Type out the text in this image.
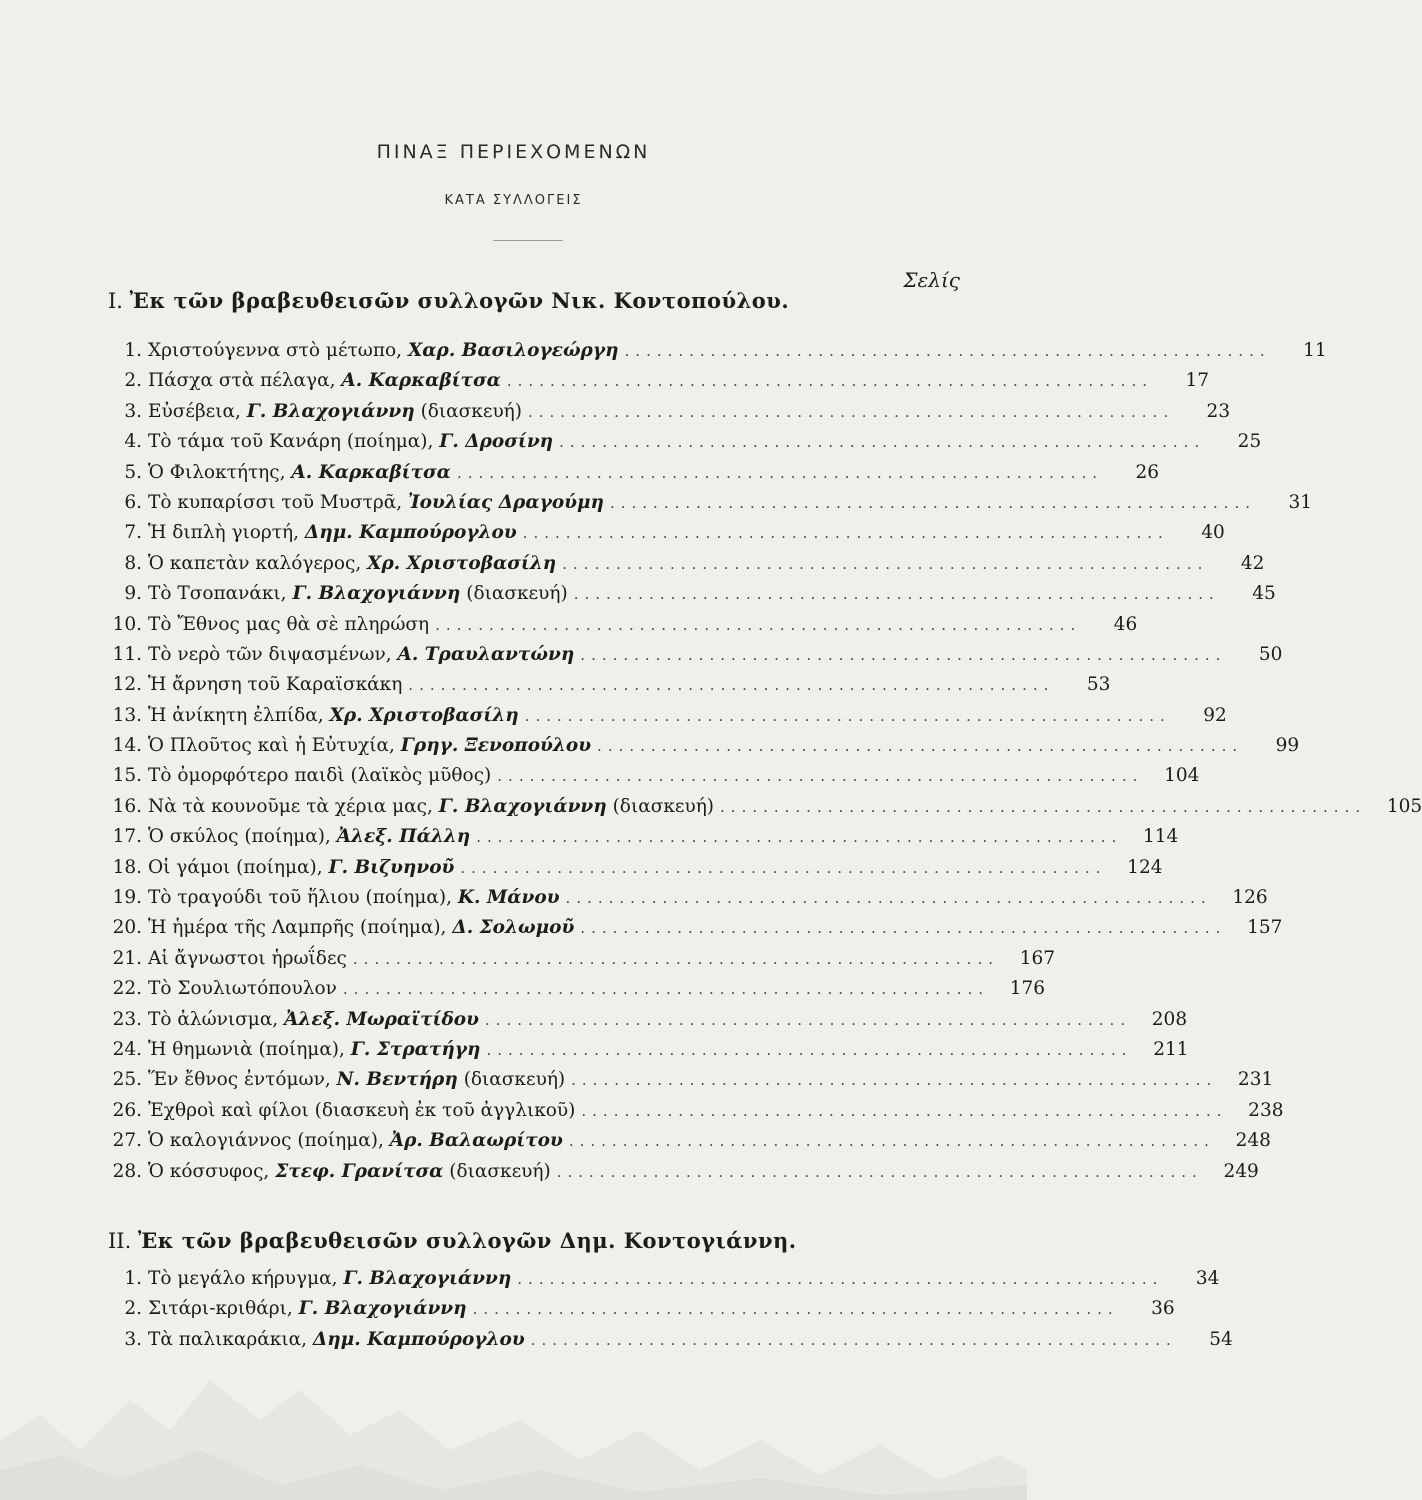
ΠΙΝΑΞ ΠΕΡΙΕΧΟΜΕΝΩΝ
ΚΑΤΑ ΣΥΛΛΟΓΕΙΣ
Σελίς
I. Ἐκ τῶν βραβευθεισῶν συλλογῶν Νικ. Κοντοπούλου.
1. Χριστούγεννα στὸ μέτωπο, Χαρ. Βασιλογεώργη ............................................................	11
2. Πάσχα στὰ πέλαγα, Α. Καρκαβίτσα ............................................................	17
3. Εὐσέβεια, Γ. Βλαχογιάννη (διασκευή) ............................................................	23
4. Τὸ τάμα τοῦ Κανάρη (ποίημα), Γ. Δροσίνη ............................................................	25
5. Ὁ Φιλοκτήτης, Α. Καρκαβίτσα ............................................................	26
6. Τὸ κυπαρίσσι τοῦ Μυστρᾶ, Ἰουλίας Δραγούμη ............................................................	31
7. Ἡ διπλὴ γιορτή, Δημ. Καμπούρογλου ............................................................	40
8. Ὁ καπετὰν καλόγερος, Χρ. Χριστοβασίλη ............................................................	42
9. Τὸ Τσοπανάκι, Γ. Βλαχογιάννη (διασκευή) ............................................................	45
10. Τὸ Ἔθνος μας θὰ σὲ πληρώση ............................................................	46
11. Τὸ νερὸ τῶν διψασμένων, Α. Τραυλαντώνη ............................................................	50
12. Ἡ ἄρνηση τοῦ Καραϊσκάκη ............................................................	53
13. Ἡ ἀνίκητη ἐλπίδα, Χρ. Χριστοβασίλη ............................................................	92
14. Ὁ Πλοῦτος καὶ ἡ Εὐτυχία, Γρηγ. Ξενοπούλου ............................................................	99
15. Τὸ ὀμορφότερο παιδὶ (λαϊκὸς μῦθος) ............................................................	104
16. Νὰ τὰ κουνοῦμε τὰ χέρια μας, Γ. Βλαχογιάννη (διασκευή) ............................................................	105
17. Ὁ σκύλος (ποίημα), Ἀλεξ. Πάλλη ............................................................	114
18. Οἱ γάμοι (ποίημα), Γ. Βιζυηνοῦ ............................................................	124
19. Τὸ τραγούδι τοῦ ἥλιου (ποίημα), Κ. Μάνου ............................................................	126
20. Ἡ ἡμέρα τῆς Λαμπρῆς (ποίημα), Δ. Σολωμοῦ ............................................................	157
21. Αἱ ἄγνωστοι ἡρωΐδες ............................................................	167
22. Τὸ Σουλιωτόπουλον ............................................................	176
23. Τὸ ἁλώνισμα, Ἀλεξ. Μωραϊτίδου ............................................................	208
24. Ἡ θημωνιὰ (ποίημα), Γ. Στρατήγη ............................................................	211
25. Ἕν ἔθνος ἐντόμων, Ν. Βεντήρη (διασκευή) ............................................................	231
26. Ἐχθροὶ καὶ φίλοι (διασκευὴ ἐκ τοῦ ἀγγλικοῦ) ............................................................	238
27. Ὁ καλογιάννος (ποίημα), Ἀρ. Βαλαωρίτου ............................................................	248
28. Ὁ κόσσυφος, Στεφ. Γρανίτσα (διασκευή) ............................................................	249
II. Ἐκ τῶν βραβευθεισῶν συλλογῶν Δημ. Κοντογιάννη.
1. Τὸ μεγάλο κήρυγμα, Γ. Βλαχογιάννη ............................................................	34
2. Σιτάρι-κριθάρι, Γ. Βλαχογιάννη ............................................................	36
3. Τὰ παλικαράκια, Δημ. Καμπούρογλου ............................................................	54
